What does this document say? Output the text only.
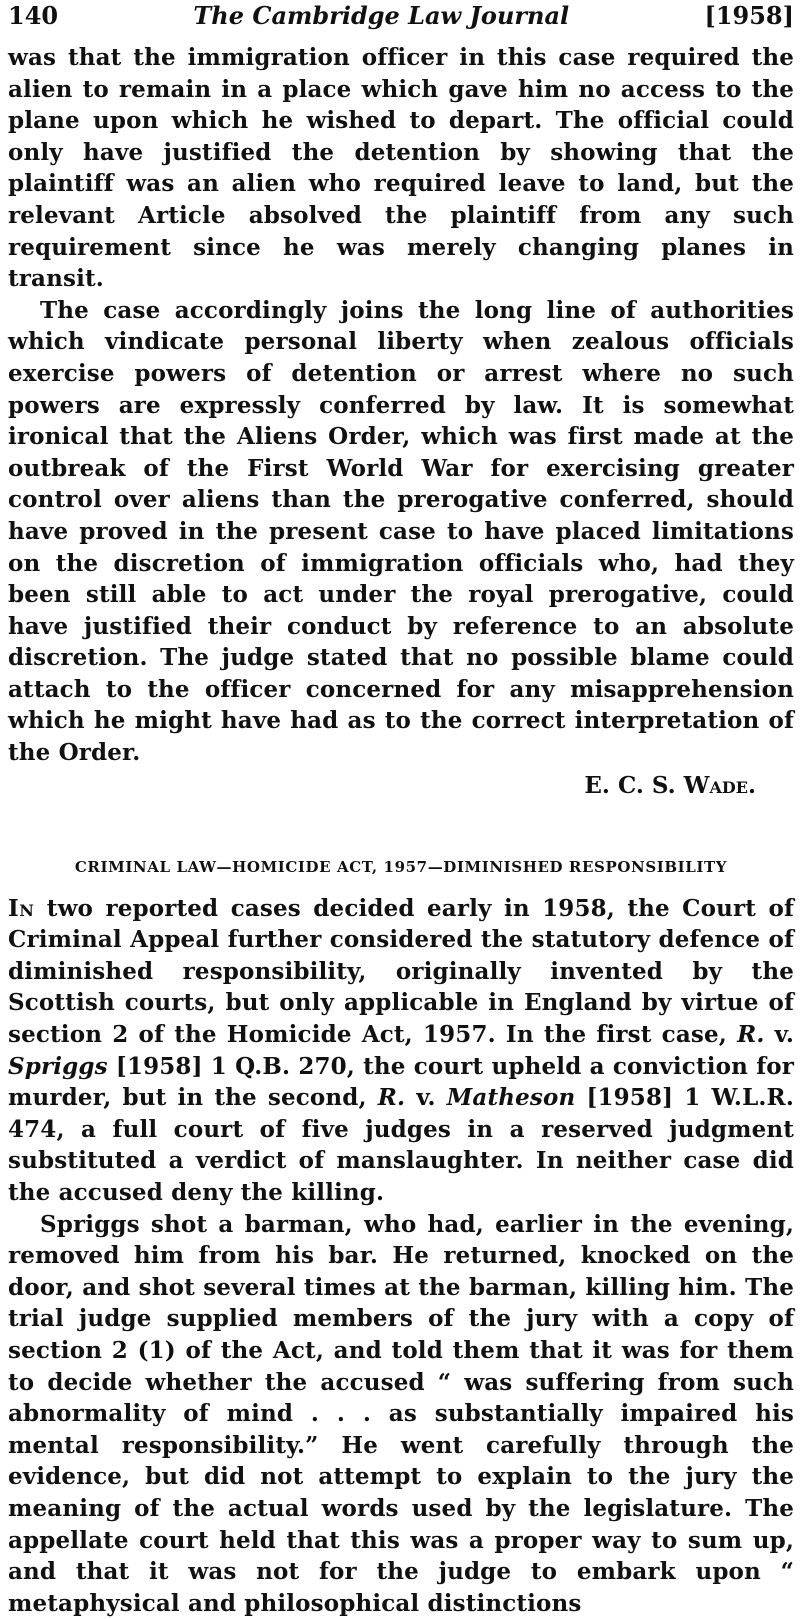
140	The Cambridge Law Journal	[1958]

was that the immigration officer in this case required the alien to remain in a place which gave him no access to the plane upon which he wished to depart. The official could only have justified the detention by showing that the plaintiff was an alien who required leave to land, but the relevant Article absolved the plaintiff from any such requirement since he was merely changing planes in transit.

The case accordingly joins the long line of authorities which vindicate personal liberty when zealous officials exercise powers of detention or arrest where no such powers are expressly conferred by law. It is somewhat ironical that the Aliens Order, which was first made at the outbreak of the First World War for exercising greater control over aliens than the prerogative conferred, should have proved in the present case to have placed limitations on the discretion of immigration officials who, had they been still able to act under the royal prerogative, could have justified their conduct by reference to an absolute discretion. The judge stated that no possible blame could attach to the officer concerned for any misapprehension which he might have had as to the correct interpretation of the Order.

E. C. S. Wade.
CRIMINAL LAW—HOMICIDE ACT, 1957—DIMINISHED RESPONSIBILITY

In two reported cases decided early in 1958, the Court of Criminal Appeal further considered the statutory defence of diminished responsibility, originally invented by the Scottish courts, but only applicable in England by virtue of section 2 of the Homicide Act, 1957. In the first case, R. v. Spriggs [1958] 1 Q.B. 270, the court upheld a conviction for murder, but in the second, R. v. Matheson [1958] 1 W.L.R. 474, a full court of five judges in a reserved judgment substituted a verdict of manslaughter. In neither case did the accused deny the killing.

Spriggs shot a barman, who had, earlier in the evening, removed him from his bar. He returned, knocked on the door, and shot several times at the barman, killing him. The trial judge supplied members of the jury with a copy of section 2 (1) of the Act, and told them that it was for them to decide whether the accused “ was suffering from such abnormality of mind . . . as substantially impaired his mental responsibility.” He went carefully through the evidence, but did not attempt to explain to the jury the meaning of the actual words used by the legislature. The appellate court held that this was a proper way to sum up, and that it was not for the judge to embark upon “ metaphysical and philosophical distinctions
